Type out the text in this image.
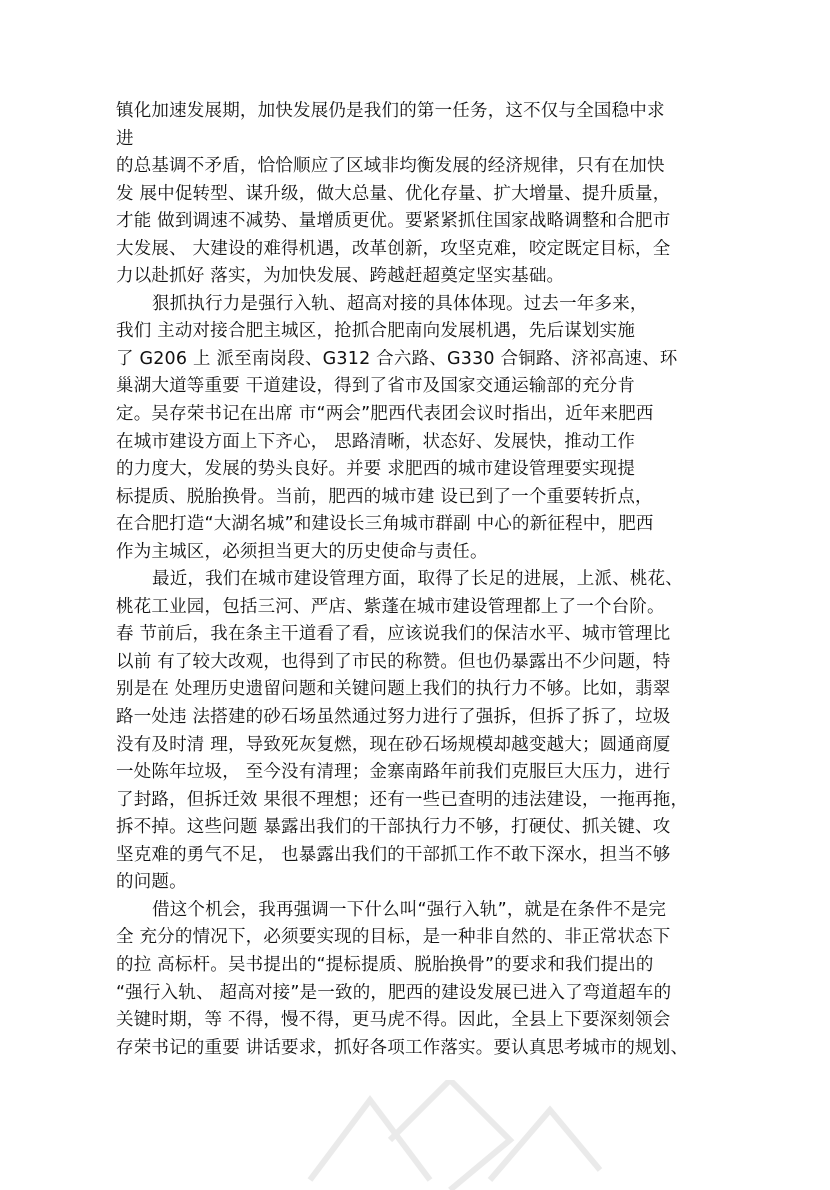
镇化加速发展期，加快发展仍是我们的第一任务，这不仅与全国稳中求
进
的总基调不矛盾，恰恰顺应了区域非均衡发展的经济规律，只有在加快
发 展中促转型、谋升级，做大总量、优化存量、扩大增量、提升质量，
才能 做到调速不减势、量增质更优。要紧紧抓住国家战略调整和合肥市
大发展、 大建设的难得机遇，改革创新，攻坚克难，咬定既定目标，全
力以赴抓好 落实，为加快发展、跨越赶超奠定坚实基础。
狠抓执行力是强行入轨、超高对接的具体体现。过去一年多来，
我们 主动对接合肥主城区，抢抓合肥南向发展机遇，先后谋划实施
了 G206 上 派至南岗段、G312 合六路、G330 合铜路、济祁高速、环
巢湖大道等重要 干道建设，得到了省市及国家交通运输部的充分肯
定。吴存荣书记在出席 市“两会”肥西代表团会议时指出，近年来肥西
在城市建设方面上下齐心， 思路清晰，状态好、发展快，推动工作
的力度大，发展的势头良好。并要 求肥西的城市建设管理要实现提
标提质、脱胎换骨。当前，肥西的城市建 设已到了一个重要转折点，
在合肥打造“大湖名城”和建设长三角城市群副 中心的新征程中，肥西
作为主城区，必须担当更大的历史使命与责任。
最近，我们在城市建设管理方面，取得了长足的进展，上派、桃花、
桃花工业园，包括三河、严店、紫蓬在城市建设管理都上了一个台阶。
春 节前后，我在条主干道看了看，应该说我们的保洁水平、城市管理比
以前 有了较大改观，也得到了市民的称赞。但也仍暴露出不少问题，特
别是在 处理历史遗留问题和关键问题上我们的执行力不够。比如，翡翠
路一处违 法搭建的砂石场虽然通过努力进行了强拆，但拆了拆了，垃圾
没有及时清 理，导致死灰复燃，现在砂石场规模却越变越大；圆通商厦
一处陈年垃圾， 至今没有清理；金寨南路年前我们克服巨大压力，进行
了封路，但拆迁效 果很不理想；还有一些已查明的违法建设，一拖再拖，
拆不掉。这些问题 暴露出我们的干部执行力不够，打硬仗、抓关键、攻
坚克难的勇气不足， 也暴露出我们的干部抓工作不敢下深水，担当不够
的问题。
借这个机会，我再强调一下什么叫“强行入轨”，就是在条件不是完
全 充分的情况下，必须要实现的目标，是一种非自然的、非正常状态下
的拉 高标杆。吴书提出的“提标提质、脱胎换骨”的要求和我们提出的
“强行入轨、 超高对接”是一致的，肥西的建设发展已进入了弯道超车的
关键时期，等 不得，慢不得，更马虎不得。因此，全县上下要深刻领会
存荣书记的重要 讲话要求，抓好各项工作落实。要认真思考城市的规划、
